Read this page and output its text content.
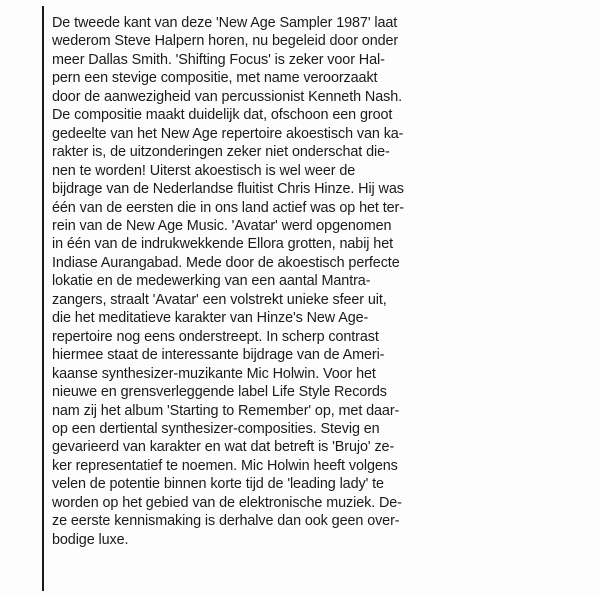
De tweede kant van deze 'New Age Sampler 1987' laat
wederom Steve Halpern horen, nu begeleid door onder
meer Dallas Smith. 'Shifting Focus' is zeker voor Hal-
pern een stevige compositie, met name veroorzaakt
door de aanwezigheid van percussionist Kenneth Nash.
De compositie maakt duidelijk dat, ofschoon een groot
gedeelte van het New Age repertoire akoestisch van ka-
rakter is, de uitzonderingen zeker niet onderschat die-
nen te worden! Uiterst akoestisch is wel weer de
bijdrage van de Nederlandse fluitist Chris Hinze. Hij was
één van de eersten die in ons land actief was op het ter-
rein van de New Age Music. 'Avatar' werd opgenomen
in één van de indrukwekkende Ellora grotten, nabij het
Indiase Aurangabad. Mede door de akoestisch perfecte
lokatie en de medewerking van een aantal Mantra-
zangers, straalt 'Avatar' een volstrekt unieke sfeer uit,
die het meditatieve karakter van Hinze's New Age-
repertoire nog eens onderstreept. In scherp contrast
hiermee staat de interessante bijdrage van de Ameri-
kaanse synthesizer-muzikante Mic Holwin. Voor het
nieuwe en grensverleggende label Life Style Records
nam zij het album 'Starting to Remember' op, met daar-
op een dertiental synthesizer-composities. Stevig en
gevarieerd van karakter en wat dat betreft is 'Brujo' ze-
ker representatief te noemen. Mic Holwin heeft volgens
velen de potentie binnen korte tijd de 'leading lady' te
worden op het gebied van de elektronische muziek. De-
ze eerste kennismaking is derhalve dan ook geen over-
bodige luxe.
